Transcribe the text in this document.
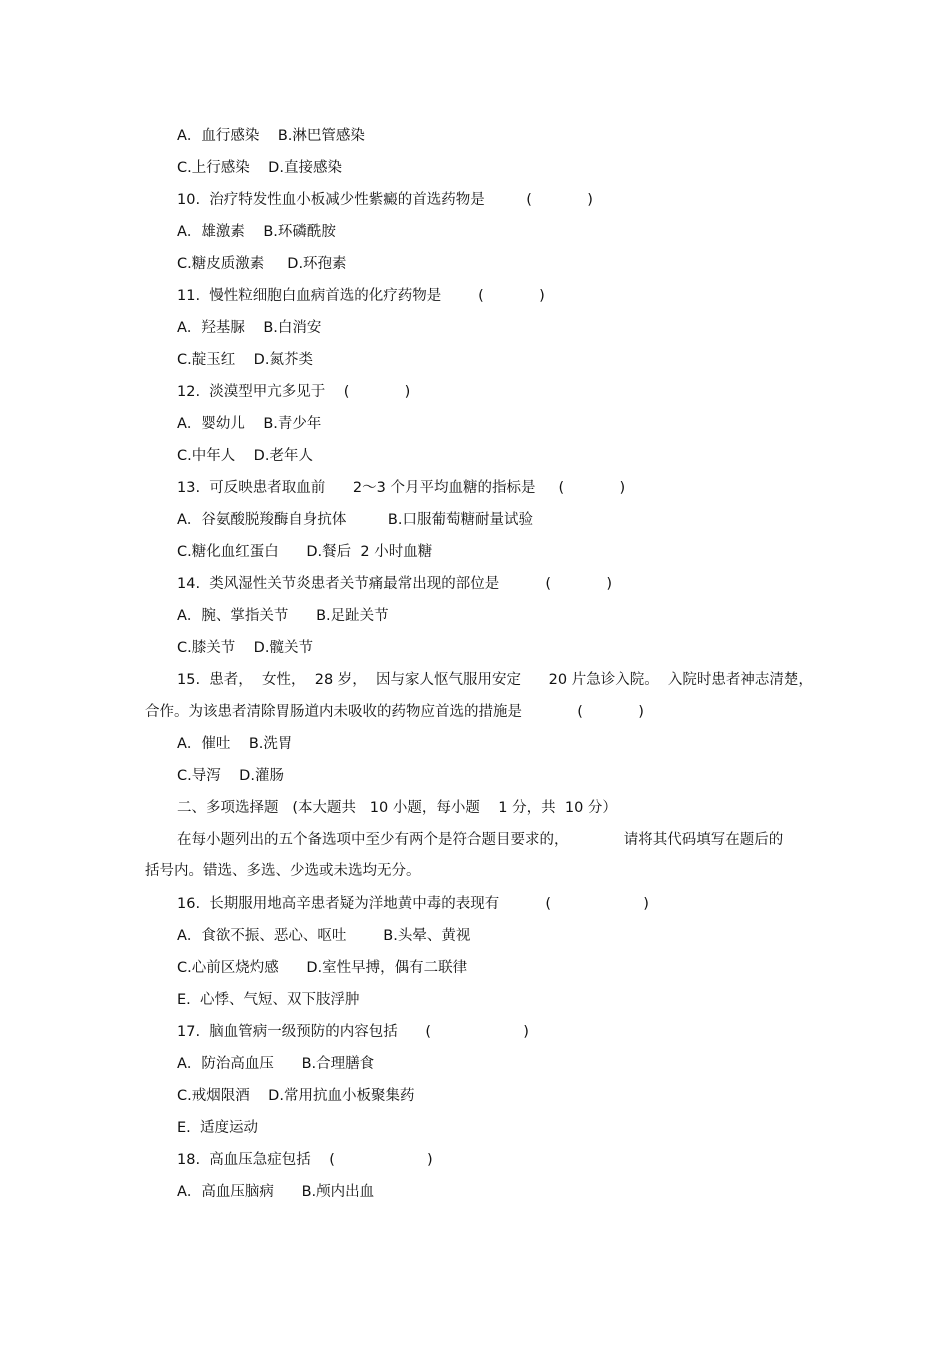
A．血行感染    B.淋巴管感染

C.上行感染    D.直接感染

10.  治疗特发性血小板减少性紫癜的首选药物是         (            )

A．雄激素    B.环磷酰胺

C.糖皮质激素     D.环孢素

11.  慢性粒细胞白血病首选的化疗药物是        (            )

A．羟基脲    B.白消安

C.靛玉红    D.氮芥类

12.  淡漠型甲亢多见于    (            )

A．婴幼儿    B.青少年

C.中年人    D.老年人

13.  可反映患者取血前      2～3 个月平均血糖的指标是     (            )

A．谷氨酸脱羧酶自身抗体         B.口服葡萄糖耐量试验

C.糖化血红蛋白      D.餐后  2 小时血糖

14.  类风湿性关节炎患者关节痛最常出现的部位是          (            )

A．腕、掌指关节      B.足趾关节

C.膝关节    D.髋关节

15.  患者，  女性，  28 岁，  因与家人怄气服用安定      20 片急诊入院。  入院时患者神志清楚，

合作。为该患者清除胃肠道内未吸收的药物应首选的措施是            (            )

A．催吐    B.洗胃

C.导泻    D.灌肠

二、多项选择题   (本大题共   10 小题，每小题    1 分，共  10 分）

在每小题列出的五个备选项中至少有两个是符合题目要求的，            请将其代码填写在题后的

括号内。错选、多选、少选或未选均无分。

16.  长期服用地高辛患者疑为洋地黄中毒的表现有          (                    )

A．食欲不振、恶心、呕吐        B.头晕、黄视

C.心前区烧灼感      D.室性早搏，偶有二联律

E.  心悸、气短、双下肢浮肿

17.  脑血管病一级预防的内容包括      (                    )

A．防治高血压      B.合理膳食

C.戒烟限酒    D.常用抗血小板聚集药

E.  适度运动

18.  高血压急症包括    (                    )

A．高血压脑病      B.颅内出血
